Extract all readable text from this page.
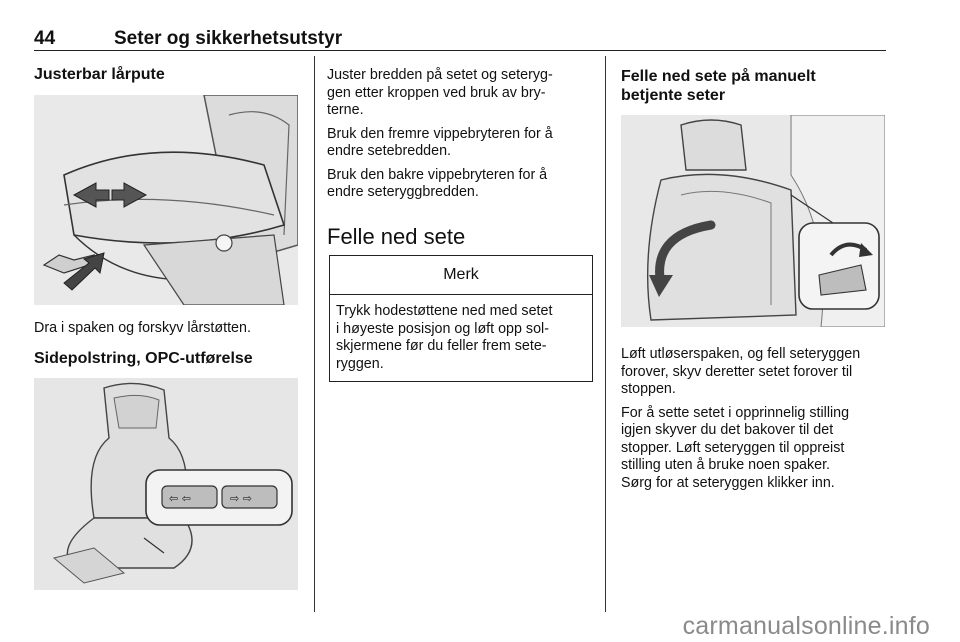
44	Seter og sikkerhetsutstyr

Justerbar lårpute

Dra i spaken og forskyv lårstøtten.

Sidepolstring, OPC-utførelse

⇦ ⇦	⇨ ⇨

Juster bredden på setet og seteryg-
gen etter kroppen ved bruk av bry-
terne.

Bruk den fremre vippebryteren for å
endre setebredden.

Bruk den bakre vippebryteren for å
endre seteryggbredden.

Felle ned sete

Merk
Trykk hodestøttene ned med setet
i høyeste posisjon og løft opp sol-
skjermene før du feller frem sete-
ryggen.

Felle ned sete på manuelt
betjente seter

Løft utløserspaken, og fell seteryggen
forover, skyv deretter setet forover til
stoppen.

For å sette setet i opprinnelig stilling
igjen skyver du det bakover til det
stopper. Løft seteryggen til oppreist
stilling uten å bruke noen spaker.
Sørg for at seteryggen klikker inn.

carmanualsonline.info
